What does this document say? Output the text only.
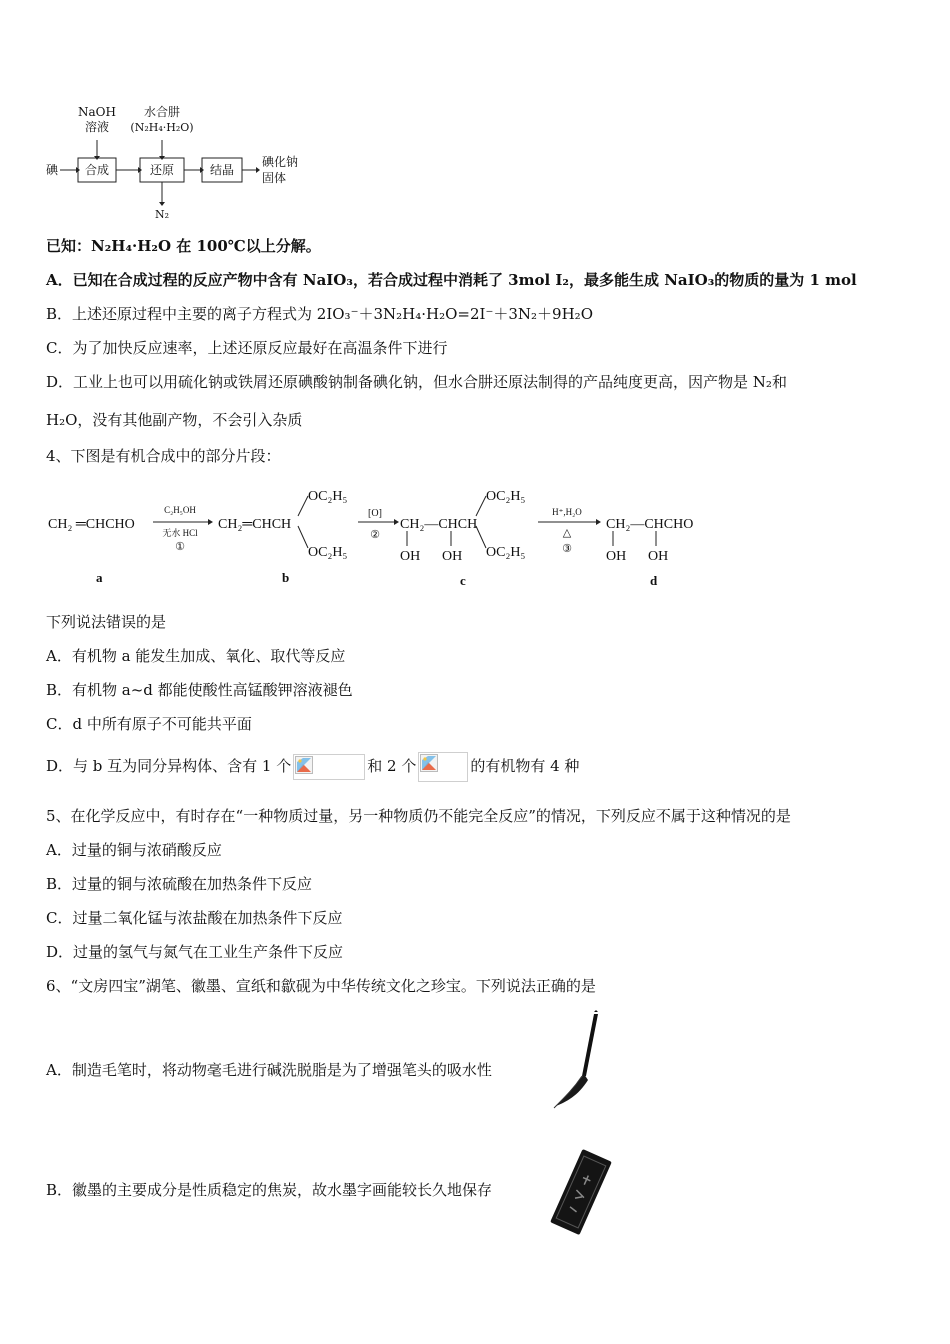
NaOH
溶液
水合肼
(N₂H₄·H₂O)
碘 合成	还原	结晶
碘化钠
固体
N₂
已知：N₂H₄·H₂O 在 100℃以上分解。
A．已知在合成过程的反应产物中含有 NaIO₃，若合成过程中消耗了 3mol I₂，最多能生成 NaIO₃的物质的量为 1 mol
B．上述还原过程中主要的离子方程式为 2IO₃⁻＋3N₂H₄·H₂O=2I⁻＋3N₂＋9H₂O
C．为了加快反应速率，上述还原反应最好在高温条件下进行
D．工业上也可以用硫化钠或铁屑还原碘酸钠制备碘化钠，但水合肼还原法制得的产品纯度更高，因产物是 N₂和
H₂O，没有其他副产物，不会引入杂质
4、下图是有机合成中的部分片段：
CH₂ ═CHCHO
C₂H₅OH
无水 HCl
①
CH₂═CHCH
OC₂H₅
OC₂H₅
[O]
②
CH₂—CHCH
OC₂H₅
OC₂H₅
OH OH
H⁺,H₂O
△
③
CH₂—CHCHO
OH OH
a	b	c	d
下列说法错误的是
A．有机物 a 能发生加成、氧化、取代等反应
B．有机物 a~d 都能使酸性高锰酸钾溶液褪色
C．d 中所有原子不可能共平面
D．与 b 互为同分异构体、含有 1 个	和 2 个	的有机物有 4 种
5、在化学反应中，有时存在“一种物质过量，另一种物质仍不能完全反应”的情况，下列反应不属于这种情况的是
A．过量的铜与浓硝酸反应
B．过量的铜与浓硫酸在加热条件下反应
C．过量二氧化锰与浓盐酸在加热条件下反应
D．过量的氢气与氮气在工业生产条件下反应
6、“文房四宝”湖笔、徽墨、宣纸和歙砚为中华传统文化之珍宝。下列说法正确的是
A．制造毛笔时，将动物毫毛进行碱洗脱脂是为了增强笔头的吸水性
B．徽墨的主要成分是性质稳定的焦炭，故水墨字画能较长久地保存
